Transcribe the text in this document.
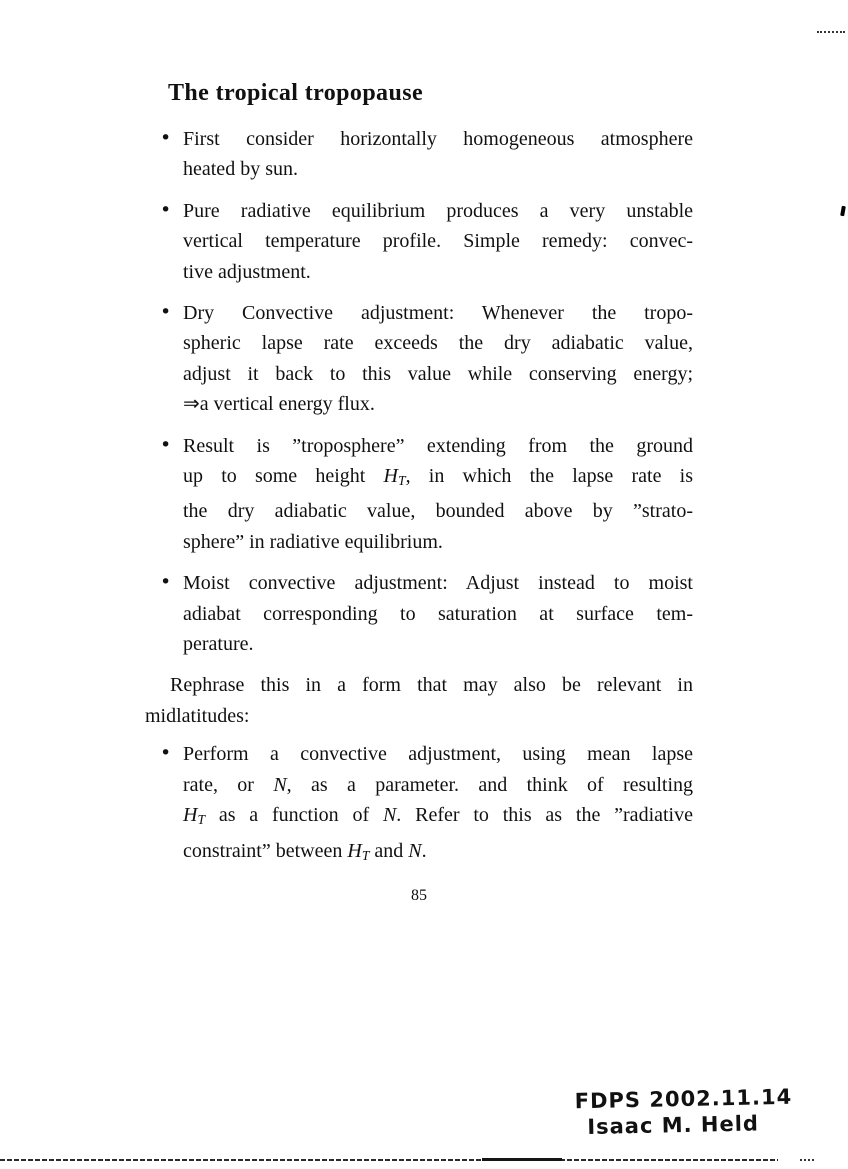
The tropical tropopause
• First consider horizontally homogeneous atmosphere
heated by sun.
• Pure radiative equilibrium produces a very unstable
vertical temperature profile. Simple remedy: convec-
tive adjustment.
• Dry Convective adjustment: Whenever the tropo-
spheric lapse rate exceeds the dry adiabatic value,
adjust it back to this value while conserving energy;
⇒a vertical energy flux.
• Result is ”troposphere” extending from the ground
up to some height $H_T$, in which the lapse rate is
the dry adiabatic value, bounded above by ”strato-
sphere” in radiative equilibrium.
• Moist convective adjustment: Adjust instead to moist
adiabat corresponding to saturation at surface tem-
perature.
Rephrase this in a form that may also be relevant in
midlatitudes:
• Perform a convective adjustment, using mean lapse
rate, or N, as a parameter. and think of resulting
$H_T$ as a function of N. Refer to this as the ”radiative
constraint” between $H_T$ and N.
85
FDPS 2002.11.14
Isaac M. Held
